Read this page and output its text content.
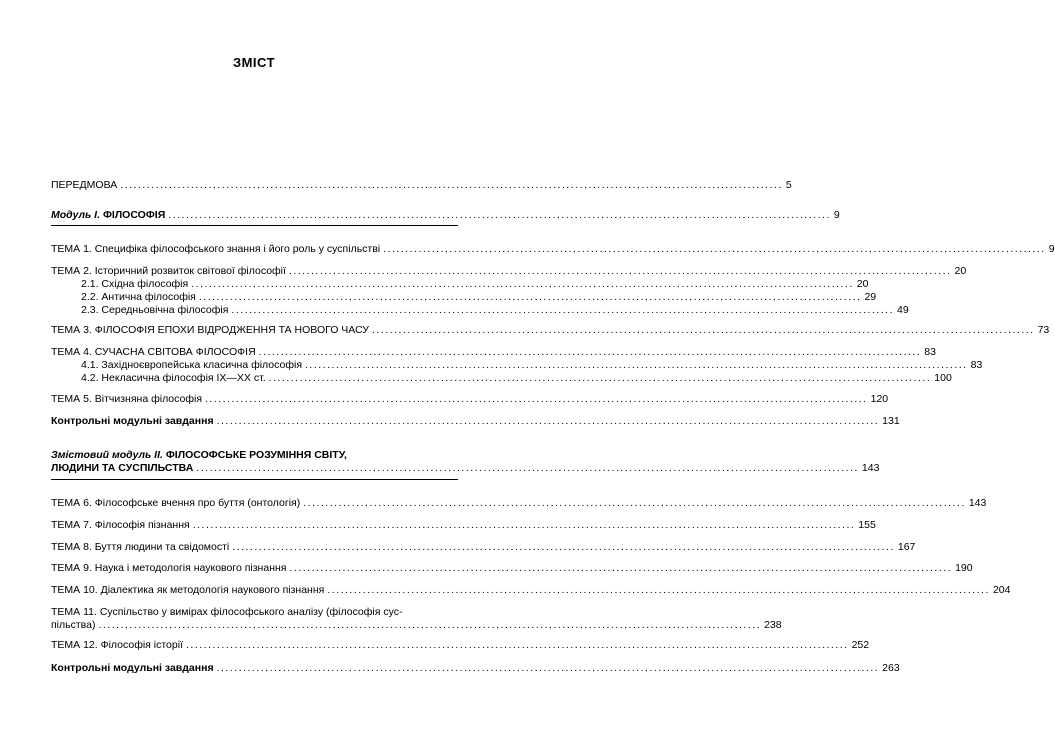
ЗМІСТ
ПЕРЕДМОВА ...................................................................................................................................................... 5
Модуль І. ФІЛОСОФІЯ ...................................................................................................................................................... 9
ТЕМА 1. Специфіка філософського знання і його роль у суспільстві ...................................................................................................................................................... 9
ТЕМА 2. Історичний розвиток світової філософії ...................................................................................................................................................... 20
2.1. Східна філософія ...................................................................................................................................................... 20
2.2. Антична філософія ...................................................................................................................................................... 29
2.3. Середньовічна філософія ...................................................................................................................................................... 49
ТЕМА 3. ФІЛОСОФІЯ ЕПОХИ ВІДРОДЖЕННЯ ТА НОВОГО ЧАСУ ...................................................................................................................................................... 73
ТЕМА 4. СУЧАСНА СВІТОВА ФІЛОСОФІЯ ...................................................................................................................................................... 83
4.1. Західноєвропейська класична філософія ...................................................................................................................................................... 83
4.2. Некласична філософія ІХ—ХХ ст. ...................................................................................................................................................... 100
ТЕМА 5. Вітчизняна філософія ...................................................................................................................................................... 120
Контрольні модульні завдання ...................................................................................................................................................... 131
Змістовий модуль ІІ. ФІЛОСОФСЬКЕ РОЗУМІННЯ СВІТУ,
ЛЮДИНИ ТА СУСПІЛЬСТВА ...................................................................................................................................................... 143
ТЕМА 6. Філософське вчення про буття (онтологія) ...................................................................................................................................................... 143
ТЕМА 7. Філософія пізнання ...................................................................................................................................................... 155
ТЕМА 8. Буття людини та свідомості ...................................................................................................................................................... 167
ТЕМА 9. Наука і методологія наукового пізнання ...................................................................................................................................................... 190
ТЕМА 10. Діалектика як методологія наукового пізнання ...................................................................................................................................................... 204
ТЕМА 11. Суспільство у вимірах філософського аналізу (філософія сус-
пільства) ...................................................................................................................................................... 238
ТЕМА 12. Філософія історії ...................................................................................................................................................... 252
Контрольні модульні завдання ...................................................................................................................................................... 263
